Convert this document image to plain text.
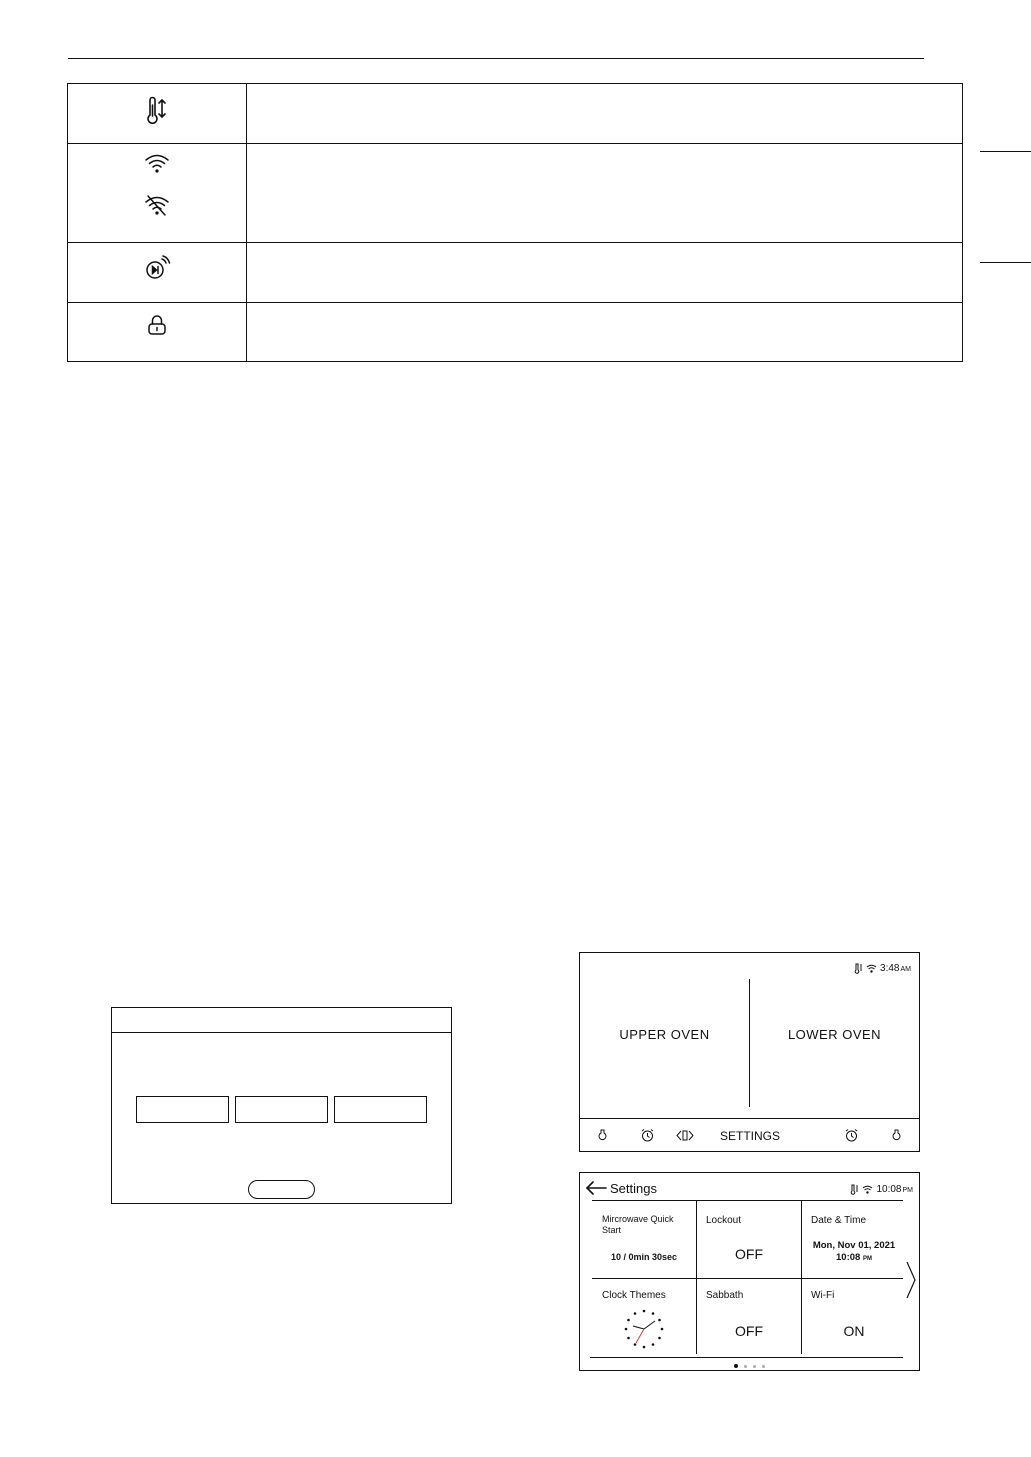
3:48AM
UPPER OVEN	LOWER OVEN
SETTINGS
Settings	10:08PM
Mircrowave Quick Start
10 / 0min 30sec
Lockout
OFF
Date & Time
Mon, Nov 01, 2021
10:08 PM
Clock Themes	Sabbath
OFF
Wi-Fi
ON
